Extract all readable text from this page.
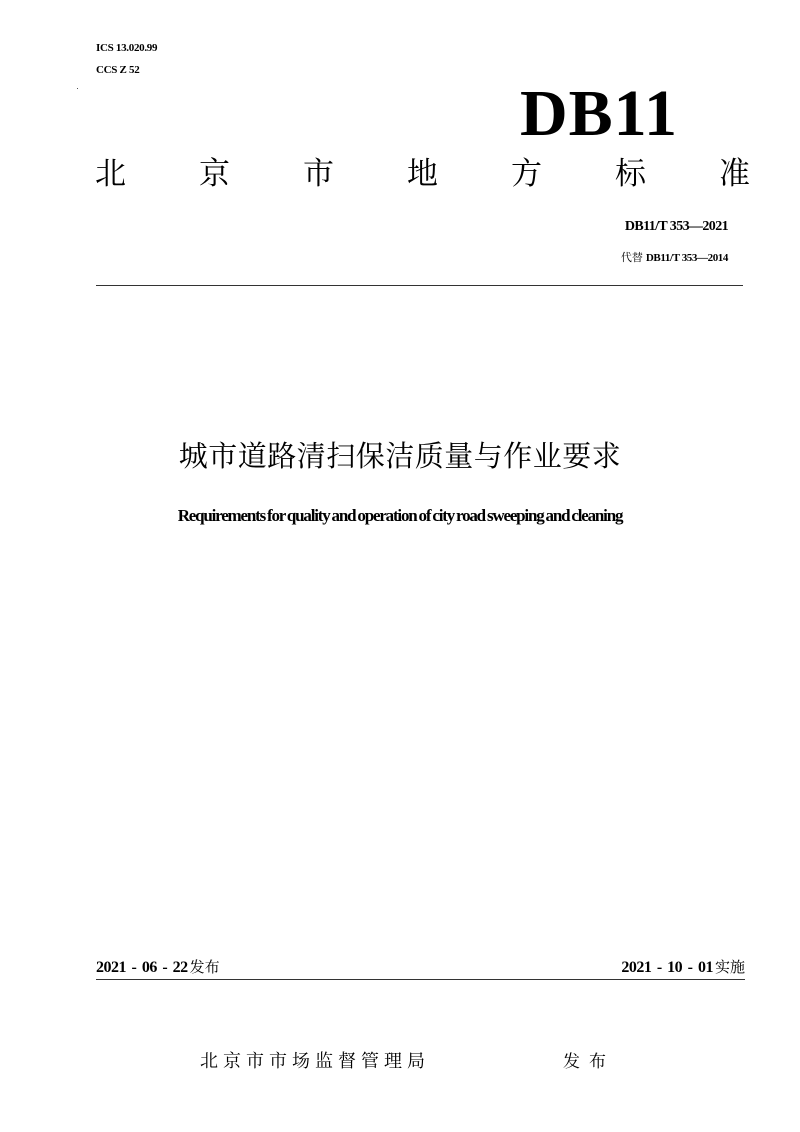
ICS 13.020.99
CCS Z 52
DB11
北 京 市 地 方 标 准
DB11/T 353—2021
代替 DB11/T 353—2014
城市道路清扫保洁质量与作业要求
Requirements for quality and operation of city road sweeping and cleaning
2021 - 06 - 22 发布	2021 - 10 - 01 实施
北京市市场监督管理局	发布
